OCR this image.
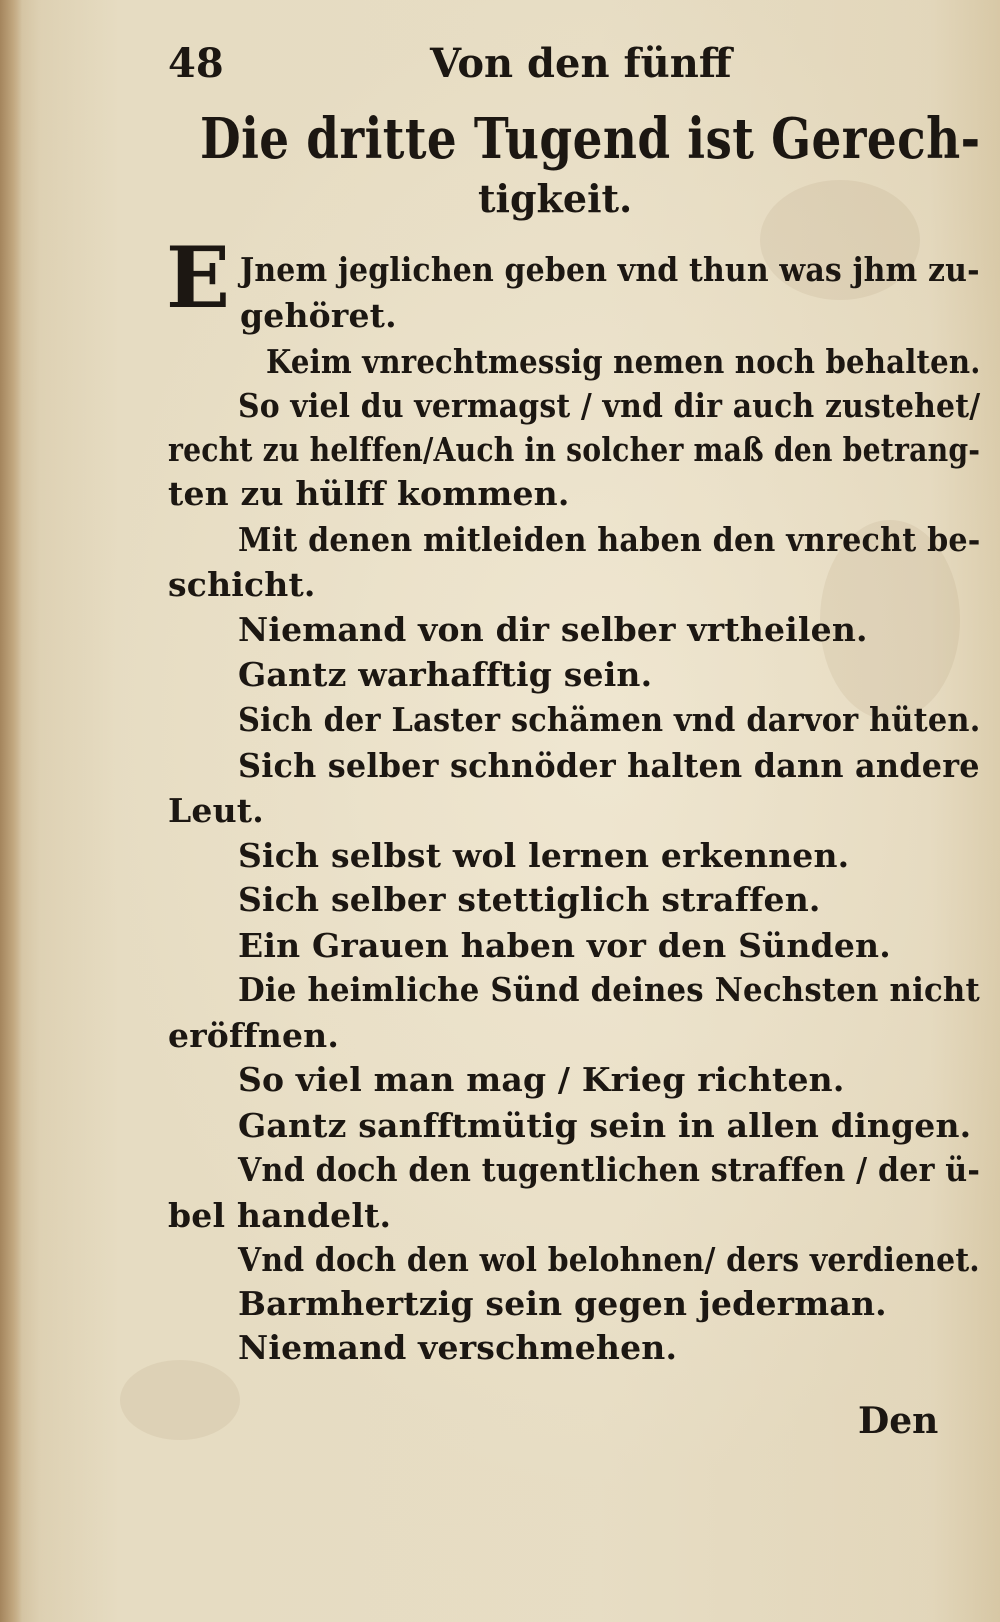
48	Von den fünff
Die dritte Tugend ist Gerech-
tigkeit.
E Jnem jeglichen geben vnd thun was jhm zu-
gehöret.
Keim vnrechtmessig nemen noch behalten.
So viel du vermagst / vnd dir auch zustehet/
recht zu helffen/Auch in solcher maß den betrang-
ten zu hülff kommen.
Mit denen mitleiden haben den vnrecht be-
schicht.
Niemand von dir selber vrtheilen.
Gantz warhafftig sein.
Sich der Laster schämen vnd darvor hüten.
Sich selber schnöder halten dann andere
Leut.
Sich selbst wol lernen erkennen.
Sich selber stettiglich straffen.
Ein Grauen haben vor den Sünden.
Die heimliche Sünd deines Nechsten nicht
eröffnen.
So viel man mag / Krieg richten.
Gantz sanfftmütig sein in allen dingen.
Vnd doch den tugentlichen straffen / der ü-
bel handelt.
Vnd doch den wol belohnen/ ders verdienet.
Barmhertzig sein gegen jederman.
Niemand verschmehen.
Den
